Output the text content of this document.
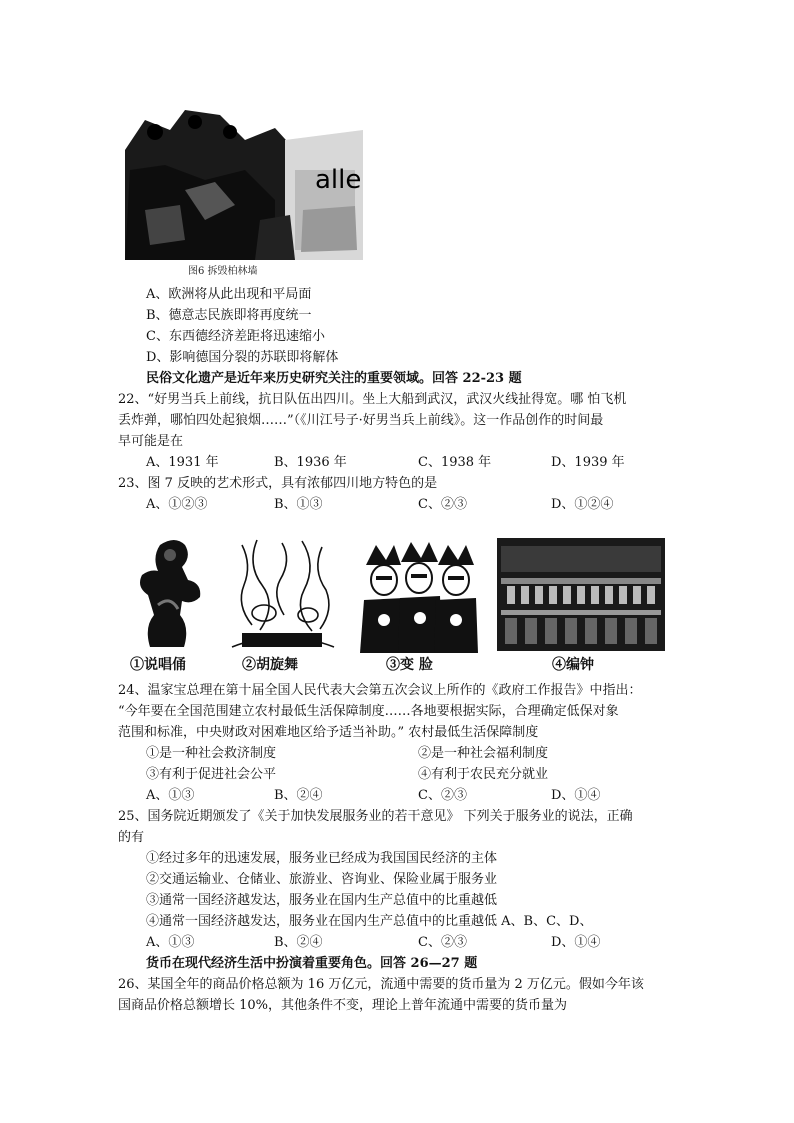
alle
图6 拆毁柏林墙
A、欧洲将从此出现和平局面
B、德意志民族即将再度统一
C、东西德经济差距将迅速缩小
D、影响德国分裂的苏联即将解体
民俗文化遗产是近年来历史研究关注的重要领域。回答 22-23 题
22、“好男当兵上前线，抗日队伍出四川。坐上大船到武汉，武汉火线扯得宽。哪 怕飞机
丢炸弹，哪怕四处起狼烟……”（《川江号子·好男当兵上前线》。这一作品创作的时间最
早可能是在
A、1931 年	B、1936 年	C、1938 年	D、1939 年
23、图 7 反映的艺术形式，具有浓郁四川地方特色的是
A、①②③	B、①③	C、②③	D、①②④
①说唱俑	②胡旋舞	③变 脸	④编钟
24、温家宝总理在第十届全国人民代表大会第五次会议上所作的《政府工作报告》中指出：
“今年要在全国范围建立农村最低生活保障制度……各地要根据实际，合理确定低保对象
范围和标准，中央财政对困难地区给予适当补助。” 农村最低生活保障制度
①是一种社会救济制度	②是一种社会福利制度
③有利于促进社会公平	④有利于农民充分就业
A、①③	B、②④	C、②③	D、①④
25、国务院近期颁发了《关于加快发展服务业的若干意见》 下列关于服务业的说法，正确
的有
①经过多年的迅速发展，服务业已经成为我国国民经济的主体
②交通运输业、仓储业、旅游业、咨询业、保险业属于服务业
③通常一国经济越发达，服务业在国内生产总值中的比重越低
④通常一国经济越发达，服务业在国内生产总值中的比重越低 A、B、C、D、
A、①③	B、②④	C、②③	D、①④
货币在现代经济生活中扮演着重要角色。回答 26—27 题
26、某国全年的商品价格总额为 16 万亿元，流通中需要的货币量为 2 万亿元。假如今年该
国商品价格总额增长 10%，其他条件不变，理论上普年流通中需要的货币量为
